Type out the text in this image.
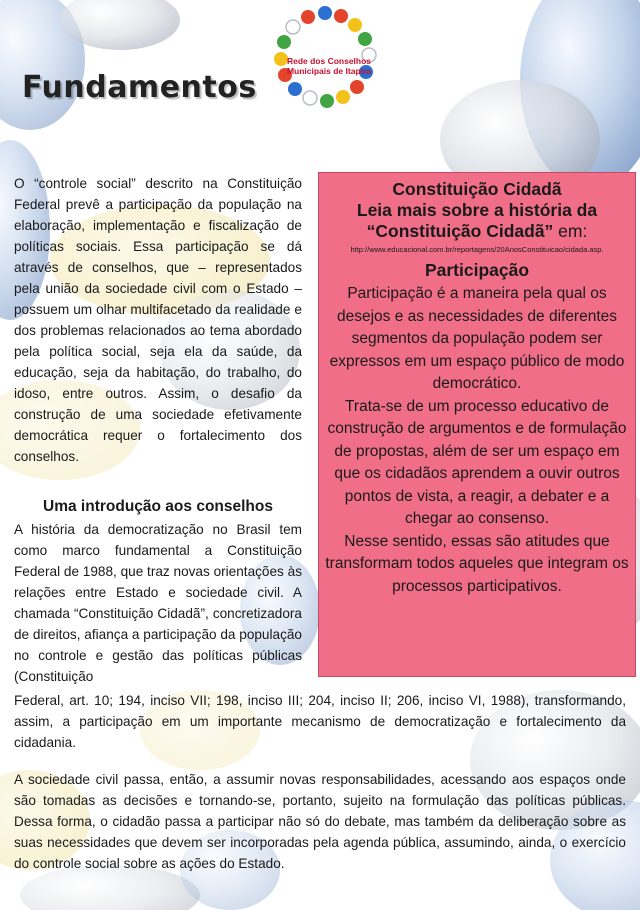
Rede dos Conselhos
Municipais de Itapira
Fundamentos

O “controle social” descrito na Constituição Federal prevê a participação da população na elaboração, implementação e fiscalização de políticas sociais. Essa participação se dá através de conselhos, que – representados pela união da sociedade civil com o Estado – possuem um olhar multifacetado da realidade e dos problemas relacionados ao tema abordado pela política social, seja ela da saúde, da educação, seja da habitação, do trabalho, do idoso, entre outros. Assim, o desafio da construção de uma sociedade efetivamente democrática requer o fortalecimento dos conselhos.

Uma introdução aos conselhos

A história da democratização no Brasil tem como marco fundamental a Constituição Federal de 1988, que traz novas orientações às relações entre Estado e sociedade civil. A chamada “Constituição Cidadã”, concretizadora de direitos, afiança a participação da população no controle e gestão das políticas públicas (Constituição

Constituição Cidadã
Leia mais sobre a história da
“Constituição Cidadã” em:
http://www.educacional.com.br/reportagens/20AnosConstituicao/cidada.asp.
Participação

Participação é a maneira pela qual os desejos e as necessidades de diferentes segmentos da população podem ser expressos em um espaço público de modo democrático.

Trata-se de um processo educativo de construção de argumentos e de formulação de propostas, além de ser um espaço em que os cidadãos aprendem a ouvir outros pontos de vista, a reagir, a debater e a chegar ao consenso.

Nesse sentido, essas são atitudes que transformam todos aqueles que integram os processos participativos.

Federal, art. 10; 194, inciso VII; 198, inciso III; 204, inciso II; 206, inciso VI, 1988), transformando, assim, a participação em um importante mecanismo de democratização e fortalecimento da cidadania.

A sociedade civil passa, então, a assumir novas responsabilidades, acessando aos espaços onde são tomadas as decisões e tornando-se, portanto, sujeito na formulação das políticas públicas. Dessa forma, o cidadão passa a participar não só do debate, mas também da deliberação sobre as suas necessidades que devem ser incorporadas pela agenda pública, assumindo, ainda, o exercício do controle social sobre as ações do Estado.
